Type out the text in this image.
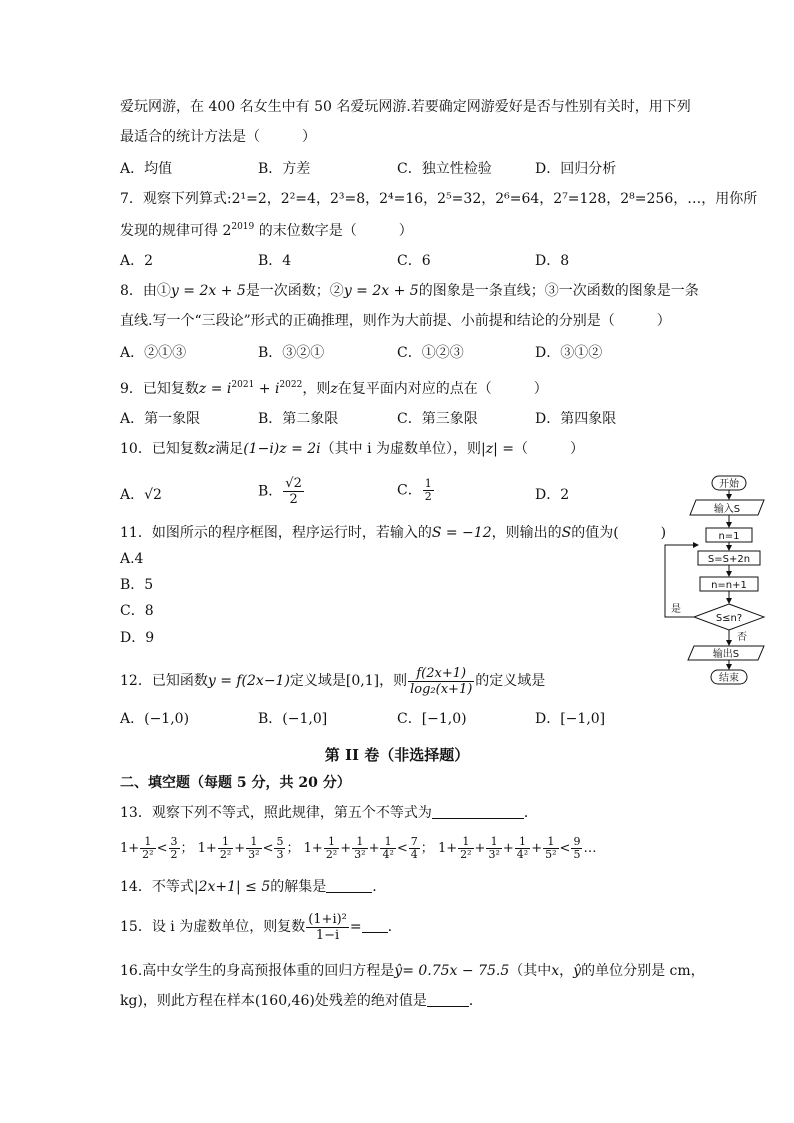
爱玩网游，在 400 名女生中有 50 名爱玩网游.若要确定网游爱好是否与性别有关时，用下列
最适合的统计方法是（　　　）
A．均值	B．方差	C．独立性检验	D．回归分析
7．观察下列算式:2¹=2，2²=4，2³=8，2⁴=16，2⁵=32，2⁶=64，2⁷=128，2⁸=256，…，用你所
发现的规律可得 $2^{2019}$ 的末位数字是（　　　）
A．2	B．4	C．6	D．8
8．由①y = 2x + 5是一次函数；②y = 2x + 5的图象是一条直线；③一次函数的图象是一条
直线.写一个“三段论”形式的正确推理，则作为大前提、小前提和结论的分别是（　　　）
A．②①③	B．③②①	C．①②③	D．③①②
9．已知复数$z = i^{2021} + i^{2022}$，则z在复平面内对应的点在（　　　）
A．第一象限	B．第二象限	C．第三象限	D．第四象限
10．已知复数z满足(1−i)z = 2i（其中 i 为虚数单位），则|z| =（　　　）
A．√2	B． $\frac{√2}{2}$	C． $\frac{1}{2}$	D．2
11．如图所示的程序框图，程序运行时，若输入的S = −12，则输出的S的值为(　　　)
A.4
B．5
C．8
D．9
开始
输入S
n=1
S=S+2n
n=n+1
S≤n?
是
否
输出S
结束
12．已知函数y = f(2x−1)定义域是[0,1]，则 $\frac{f(2x+1)}{\text{log₂(x+1)}}$ 的定义域是
A．(−1,0)	B．(−1,0]	C．[−1,0)	D．[−1,0]
第 II 卷（非选择题）
二、填空题（每题 5 分，共 20 分）
13．观察下列不等式，照此规律，第五个不等式为	．
$1+ \frac{1}{\text{2²}} < \frac{3}{2}$ ； $1+ \frac{1}{\text{2²}} + \frac{1}{\text{3²}} < \frac{5}{3}$ ； $1+ \frac{1}{\text{2²}} + \frac{1}{\text{3²}} + \frac{1}{\text{4²}} < \frac{7}{4}$ ； $1+ \frac{1}{\text{2²}} + \frac{1}{\text{3²}} + \frac{1}{\text{4²}} + \frac{1}{\text{5²}} < \frac{9}{5}$ …
14．不等式|2x+1| ≤ 5的解集是	.
15．设 i 为虚数单位，则复数 $\frac{\text{(1+i)²}}{1-i}$ = .
16.高中女学生的身高预报体重的回归方程是ŷ= 0.75x − 75.5（其中x，ŷ的单位分别是 cm，
kg)，则此方程在样本(160,46)处残差的绝对值是	．
